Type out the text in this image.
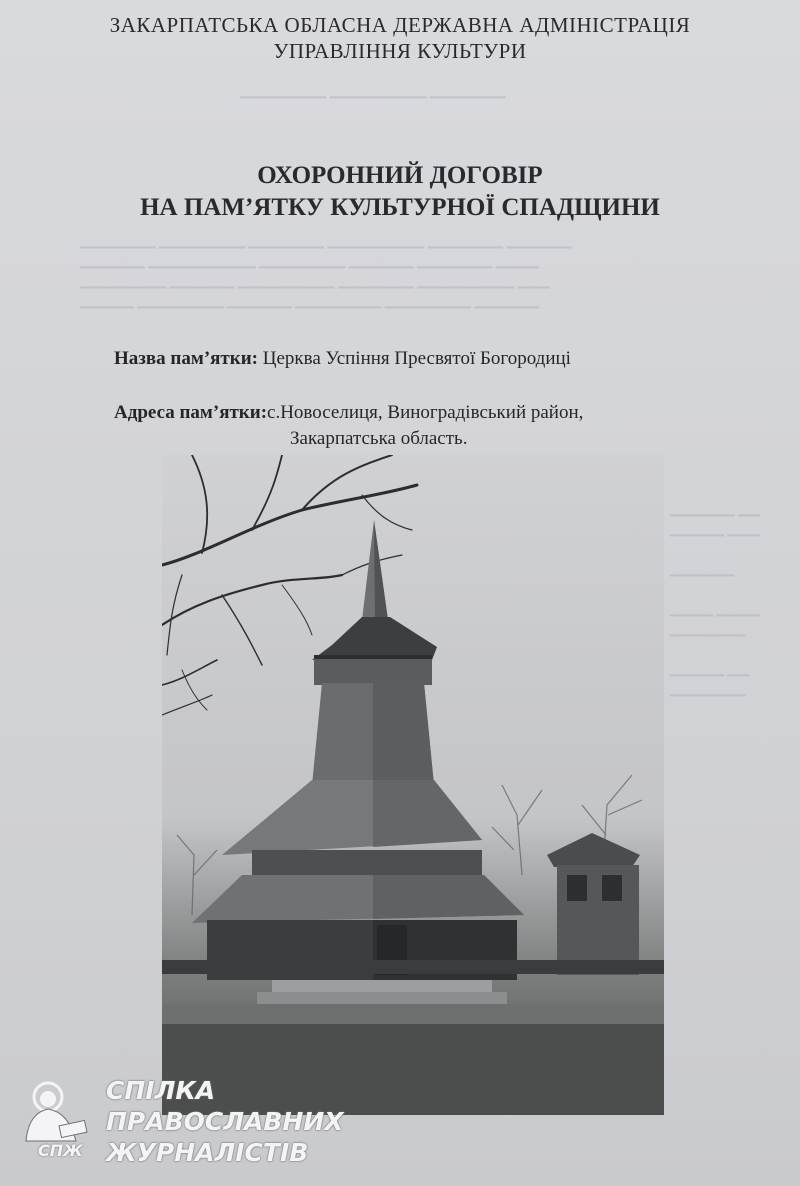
▁▁▁▁▁▁▁▁ ▁▁▁▁▁▁▁▁▁ ▁▁▁▁▁▁▁
▁▁▁▁▁▁▁ ▁▁▁▁▁▁▁▁ ▁▁▁▁▁▁▁ ▁▁▁▁▁▁▁▁▁ ▁▁▁▁▁▁▁ ▁▁▁▁▁▁
▁▁▁▁▁▁ ▁▁▁▁▁▁▁▁▁▁ ▁▁▁▁▁▁▁▁ ▁▁▁▁▁▁ ▁▁▁▁▁▁▁ ▁▁▁▁
▁▁▁▁▁▁▁▁ ▁▁▁▁▁▁ ▁▁▁▁▁▁▁▁▁ ▁▁▁▁▁▁▁ ▁▁▁▁▁▁▁▁▁ ▁▁▁
▁▁▁▁▁ ▁▁▁▁▁▁▁▁ ▁▁▁▁▁▁ ▁▁▁▁▁▁▁▁ ▁▁▁▁▁▁▁▁ ▁▁▁▁▁▁
▁▁▁▁▁▁ ▁▁
▁▁▁▁▁ ▁▁▁

▁▁▁▁▁▁

▁▁▁▁ ▁▁▁▁
▁▁▁▁▁▁▁

▁▁▁▁▁ ▁▁
▁▁▁▁▁▁▁
ЗАКАРПАТСЬКА ОБЛАСНА ДЕРЖАВНА АДМІНІСТРАЦІЯ
УПРАВЛІННЯ КУЛЬТУРИ
ОХОРОННИЙ ДОГОВІР
НА ПАМ’ЯТКУ КУЛЬТУРНОЇ СПАДЩИНИ
Назва пам’ятки: Церква Успіння Пресвятої Богородиці
Адреса пам’ятки:с.Новоселиця, Виноградівський район,
Закарпатська область.
СПЖ
СПІЛКА
ПРАВОСЛАВНИХ
ЖУРНАЛІСТІВ
